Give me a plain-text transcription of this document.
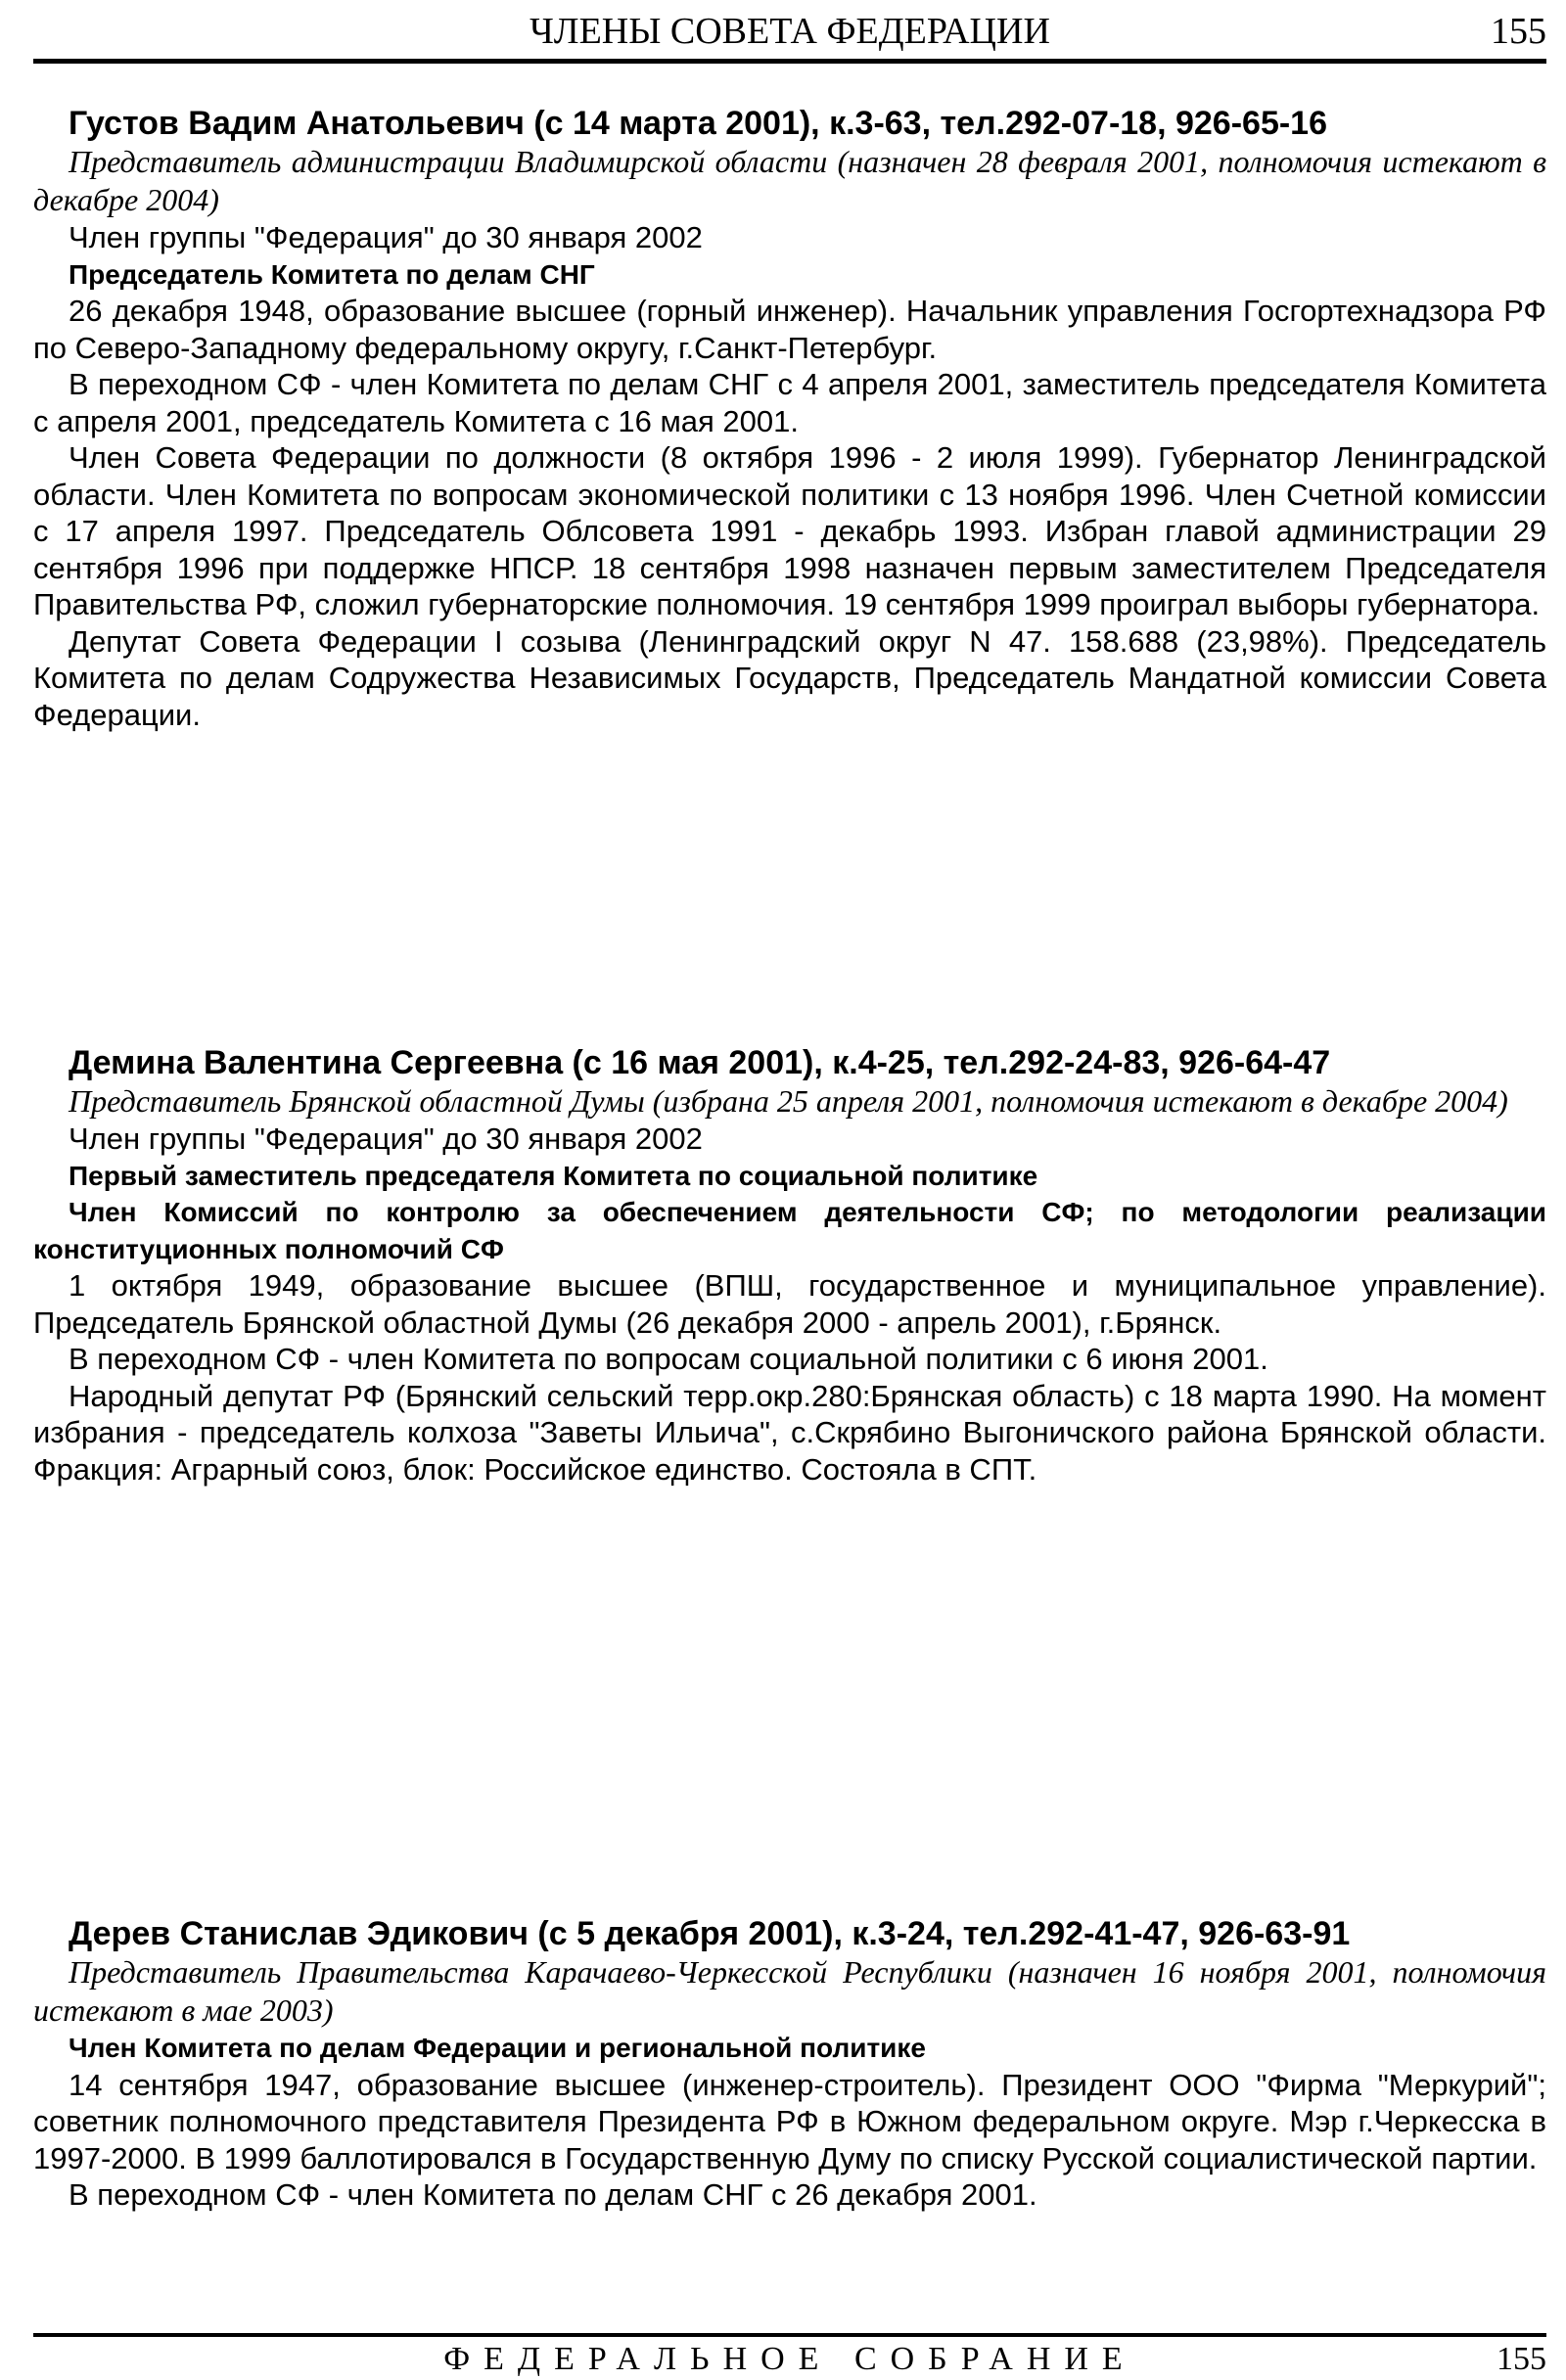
ЧЛЕНЫ СОВЕТА ФЕДЕРАЦИИ	155

Густов Вадим Анатольевич (с 14 марта 2001), к.3-63, тел.292-07-18, 926-65-16

Представитель администрации Владимирской области (назначен 28 февраля 2001, полномочия истекают в декабре 2004)

Член группы "Федерация" до 30 января 2002

Председатель Комитета по делам СНГ

26 декабря 1948, образование высшее (горный инженер). Начальник управления Госгортехнадзора РФ по Северо-Западному федеральному округу, г.Санкт-Петербург.

В переходном СФ - член Комитета по делам СНГ с 4 апреля 2001, заместитель председателя Комитета с апреля 2001, председатель Комитета с 16 мая 2001.

Член Совета Федерации по должности (8 октября 1996 - 2 июля 1999). Губернатор Ленинградской области. Член Комитета по вопросам экономической политики с 13 ноября 1996. Член Счетной комиссии с 17 апреля 1997. Председатель Облсовета 1991 - декабрь 1993. Избран главой администрации 29 сентября 1996 при поддержке НПСР. 18 сентября 1998 назначен первым заместителем Председателя Правительства РФ, сложил губернаторские полномочия. 19 сентября 1999 проиграл выборы губернатора.

Депутат Совета Федерации I созыва (Ленинградский округ N 47. 158.688 (23,98%). Председатель Комитета по делам Содружества Независимых Государств, Председатель Мандатной комиссии Совета Федерации.

Демина Валентина Сергеевна (с 16 мая 2001), к.4-25, тел.292-24-83, 926-64-47

Представитель Брянской областной Думы (избрана 25 апреля 2001, полномочия истекают в декабре 2004)

Член группы "Федерация" до 30 января 2002

Первый заместитель председателя Комитета по социальной политике

Член Комиссий по контролю за обеспечением деятельности СФ; по методологии реализации конституционных полномочий СФ

1 октября 1949, образование высшее (ВПШ, государственное и муниципальное управление). Председатель Брянской областной Думы (26 декабря 2000 - апрель 2001), г.Брянск.

В переходном СФ - член Комитета по вопросам социальной политики с 6 июня 2001.

Народный депутат РФ (Брянский сельский терр.окр.280:Брянская область) с 18 марта 1990. На момент избрания - председатель колхоза "Заветы Ильича", с.Скрябино Выгоничского района Брянской области. Фракция: Аграрный союз, блок: Российское единство. Состояла в СПТ.

Дерев Станислав Эдикович (с 5 декабря 2001), к.3-24, тел.292-41-47, 926-63-91

Представитель Правительства Карачаево-Черкесской Республики (назначен 16 ноября 2001, полномочия истекают в мае 2003)

Член Комитета по делам Федерации и региональной политике

14 сентября 1947, образование высшее (инженер-строитель). Президент ООО "Фирма "Меркурий"; советник полномочного представителя Президента РФ в Южном федеральном округе. Мэр г.Черкесска в 1997-2000. В 1999 баллотировался в Государственную Думу по списку Русской социалистической партии.

В переходном СФ - член Комитета по делам СНГ с 26 декабря 2001.

ФЕДЕРАЛЬНОЕ СОБРАНИЕ	155
